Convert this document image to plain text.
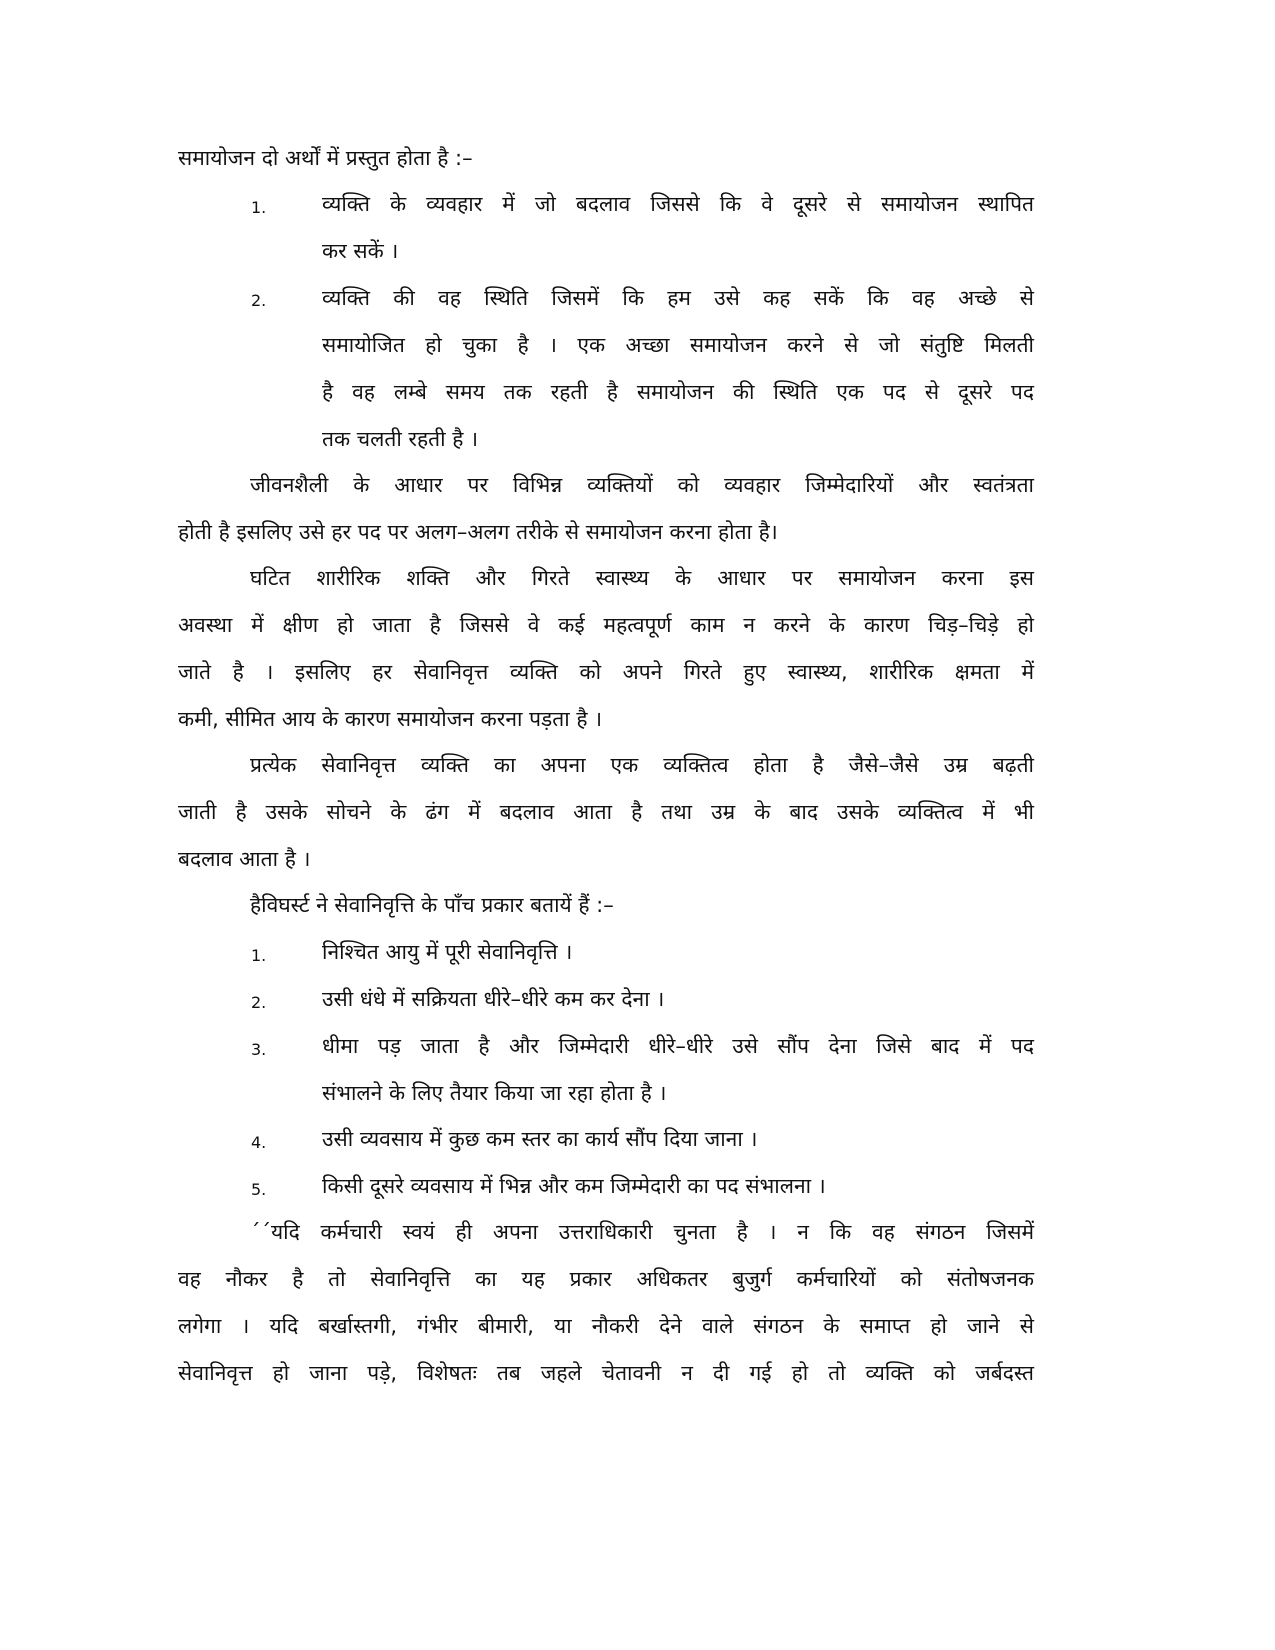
समायोजन दो अर्थों में प्रस्तुत होता है :–
1.	व्यक्ति के व्यवहार में जो बदलाव जिससे कि वे दूसरे से समायोजन स्थापित
कर सकें ।
2.	व्यक्ति की वह स्थिति जिसमें कि हम उसे कह सकें कि वह अच्छे से
समायोजित हो चुका है । एक अच्छा समायोजन करने से जो संतुष्टि मिलती
है वह लम्बे समय तक रहती है समायोजन की स्थिति एक पद से दूसरे पद
तक चलती रहती है ।
जीवनशैली के आधार पर विभिन्न व्यक्तियों को व्यवहार जिम्मेदारियों और स्वतंत्रता
होती है इसलिए उसे हर पद पर अलग–अलग तरीके से समायोजन करना होता है।
घटित शारीरिक शक्ति और गिरते स्वास्थ्य के आधार पर समायोजन करना इस
अवस्था में क्षीण हो जाता है जिससे वे कई महत्वपूर्ण काम न करने के कारण चिड़–चिड़े हो
जाते है । इसलिए हर सेवानिवृत्त व्यक्ति को अपने गिरते हुए स्वास्थ्य, शारीरिक क्षमता में
कमी, सीमित आय के कारण समायोजन करना पड़ता है ।
प्रत्येक सेवानिवृत्त व्यक्ति का अपना एक व्यक्तित्व होता है जैसे–जैसे उम्र बढ़ती
जाती है उसके सोचने के ढंग में बदलाव आता है तथा उम्र के बाद उसके व्यक्तित्व में भी
बदलाव आता है ।
हैविघर्स्ट ने सेवानिवृत्ति के पाँच प्रकार बतायें हैं :–
1.	निश्चित आयु में पूरी सेवानिवृत्ति ।
2.	उसी धंधे में सक्रियता धीरे–धीरे कम कर देना ।
3.	धीमा पड़ जाता है और जिम्मेदारी धीरे–धीरे उसे सौंप देना जिसे बाद में पद
संभालने के लिए तैयार किया जा रहा होता है ।
4.	उसी व्यवसाय में कुछ कम स्तर का कार्य सौंप दिया जाना ।
5.	किसी दूसरे व्यवसाय में भिन्न और कम जिम्मेदारी का पद संभालना ।
´´यदि कर्मचारी स्वयं ही अपना उत्तराधिकारी चुनता है । न कि वह संगठन जिसमें
वह नौकर है तो सेवानिवृत्ति का यह प्रकार अधिकतर बुजुर्ग कर्मचारियों को संतोषजनक
लगेगा । यदि बर्खास्तगी, गंभीर बीमारी, या नौकरी देने वाले संगठन के समाप्त हो जाने से
सेवानिवृत्त हो जाना पड़े, विशेषतः तब जहले चेतावनी न दी गई हो तो व्यक्ति को जर्बदस्त
